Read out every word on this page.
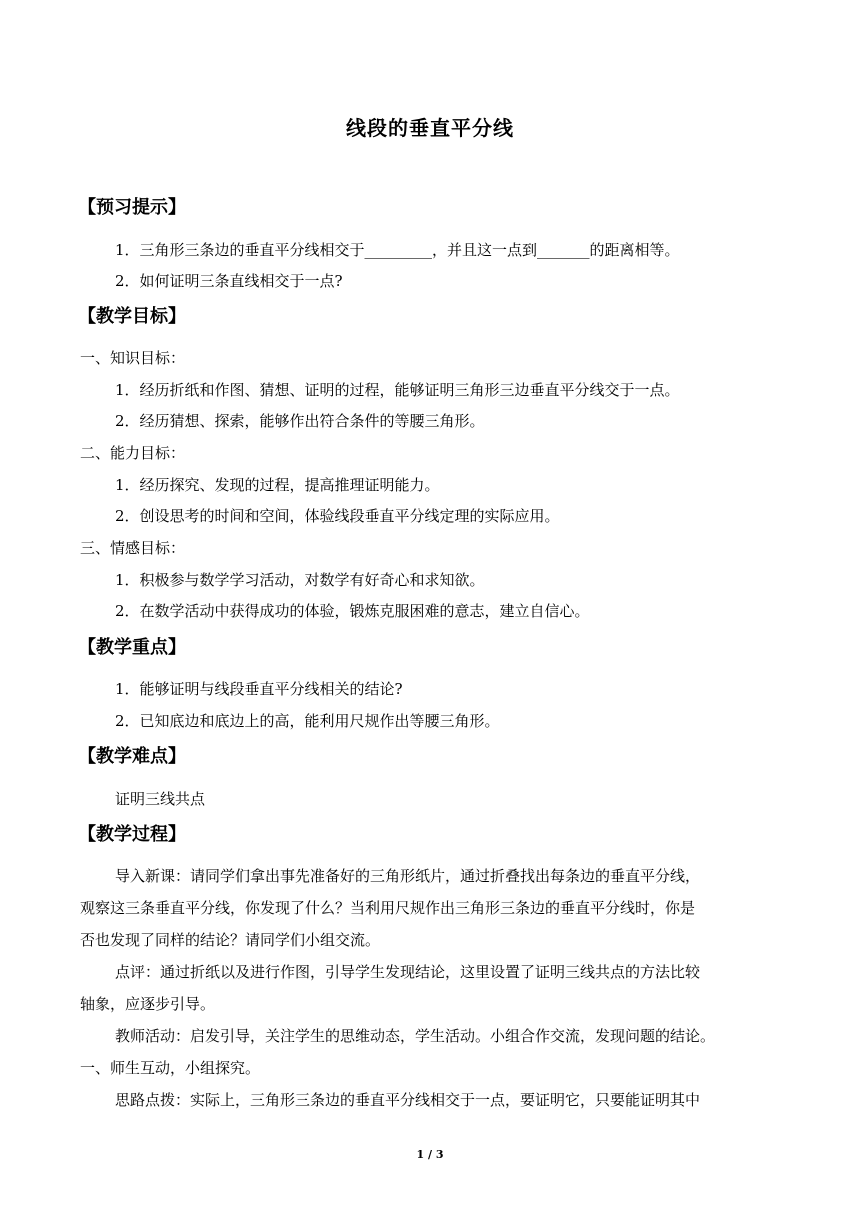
线段的垂直平分线
【预习提示】
1．三角形三条边的垂直平分线相交于_________，并且这一点到_______的距离相等。
2．如何证明三条直线相交于一点?
【教学目标】
一、知识目标：
1．经历折纸和作图、猜想、证明的过程，能够证明三角形三边垂直平分线交于一点。
2．经历猜想、探索，能够作出符合条件的等腰三角形。
二、能力目标：
1．经历探究、发现的过程，提高推理证明能力。
2．创设思考的时间和空间，体验线段垂直平分线定理的实际应用。
三、情感目标：
1．积极参与数学学习活动，对数学有好奇心和求知欲。
2．在数学活动中获得成功的体验，锻炼克服困难的意志，建立自信心。
【教学重点】
1．能够证明与线段垂直平分线相关的结论?
2．已知底边和底边上的高，能利用尺规作出等腰三角形。
【教学难点】
证明三线共点
【教学过程】
导入新课：请同学们拿出事先准备好的三角形纸片，通过折叠找出每条边的垂直平分线，
观察这三条垂直平分线，你发现了什么？当利用尺规作出三角形三条边的垂直平分线时，你是
否也发现了同样的结论？请同学们小组交流。
点评：通过折纸以及进行作图，引导学生发现结论，这里设置了证明三线共点的方法比较
轴象，应逐步引导。
教师活动：启发引导，关注学生的思维动态，学生活动。小组合作交流，发现问题的结论。
一、师生互动，小组探究。
思路点拨：实际上，三角形三条边的垂直平分线相交于一点，要证明它，只要能证明其中
1 / 3
